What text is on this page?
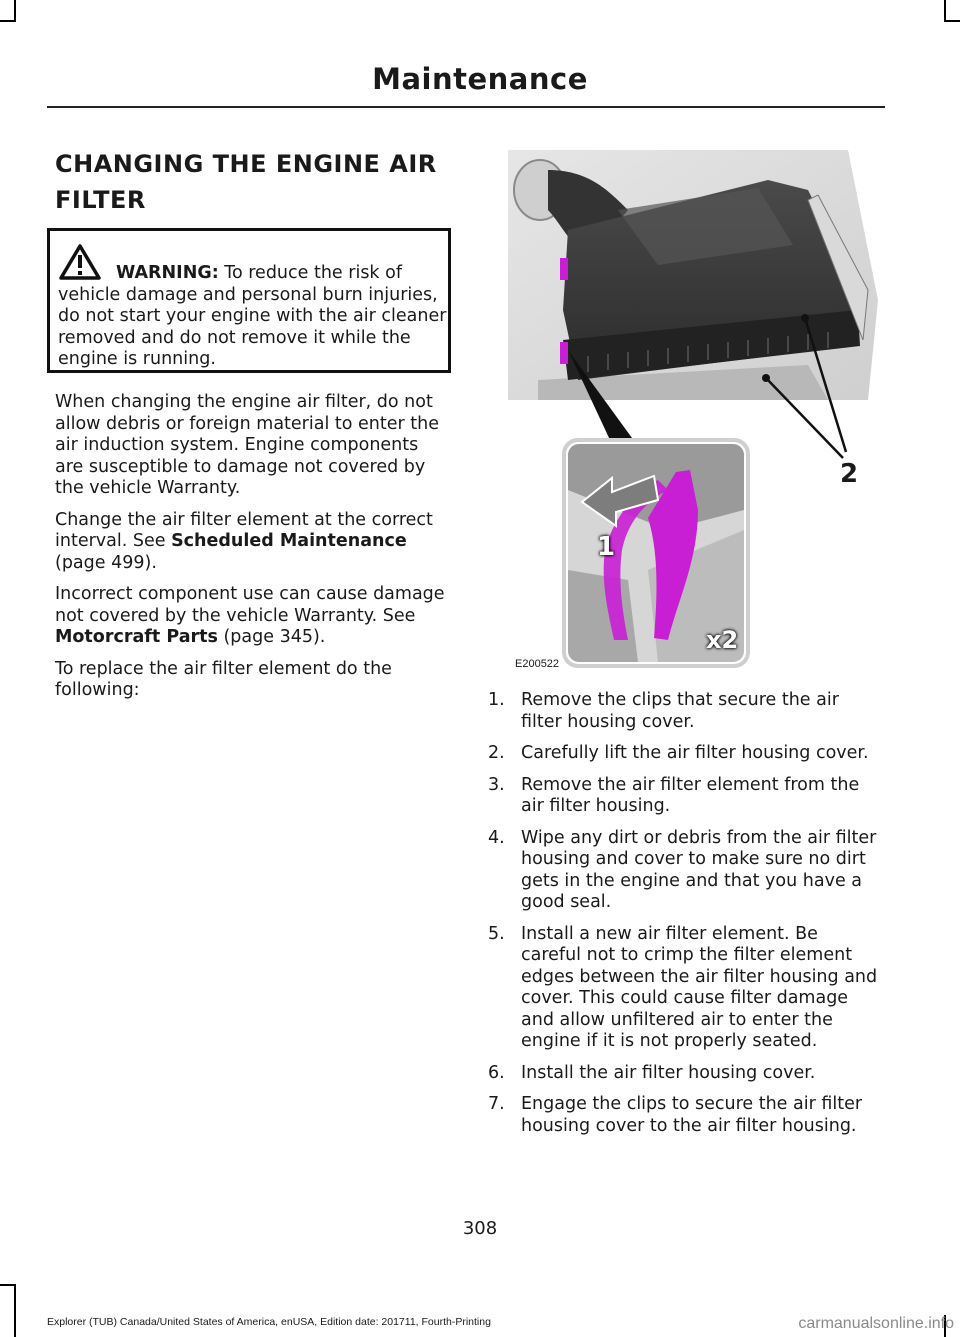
Maintenance
CHANGING THE ENGINE AIR FILTER
WARNING: To reduce the risk of vehicle damage and personal burn injuries, do not start your engine with the air cleaner removed and do not remove it while the engine is running.

When changing the engine air filter, do not allow debris or foreign material to enter the air induction system. Engine components are susceptible to damage not covered by the vehicle Warranty.

Change the air filter element at the correct interval. See Scheduled Maintenance (page 499).

Incorrect component use can cause damage not covered by the vehicle Warranty. See Motorcraft Parts (page 345).

To replace the air filter element do the following:

2
1
x2
E200522
1. Remove the clips that secure the air filter housing cover.
2. Carefully lift the air filter housing cover.
3. Remove the air filter element from the air filter housing.
4. Wipe any dirt or debris from the air filter housing and cover to make sure no dirt gets in the engine and that you have a good seal.
5. Install a new air filter element. Be careful not to crimp the filter element edges between the air filter housing and cover. This could cause filter damage and allow unfiltered air to enter the engine if it is not properly seated.
6. Install the air filter housing cover.
7. Engage the clips to secure the air filter housing cover to the air filter housing.
308
Explorer (TUB) Canada/United States of America, enUSA, Edition date: 201711, Fourth-Printing	carmanualsonline.info
